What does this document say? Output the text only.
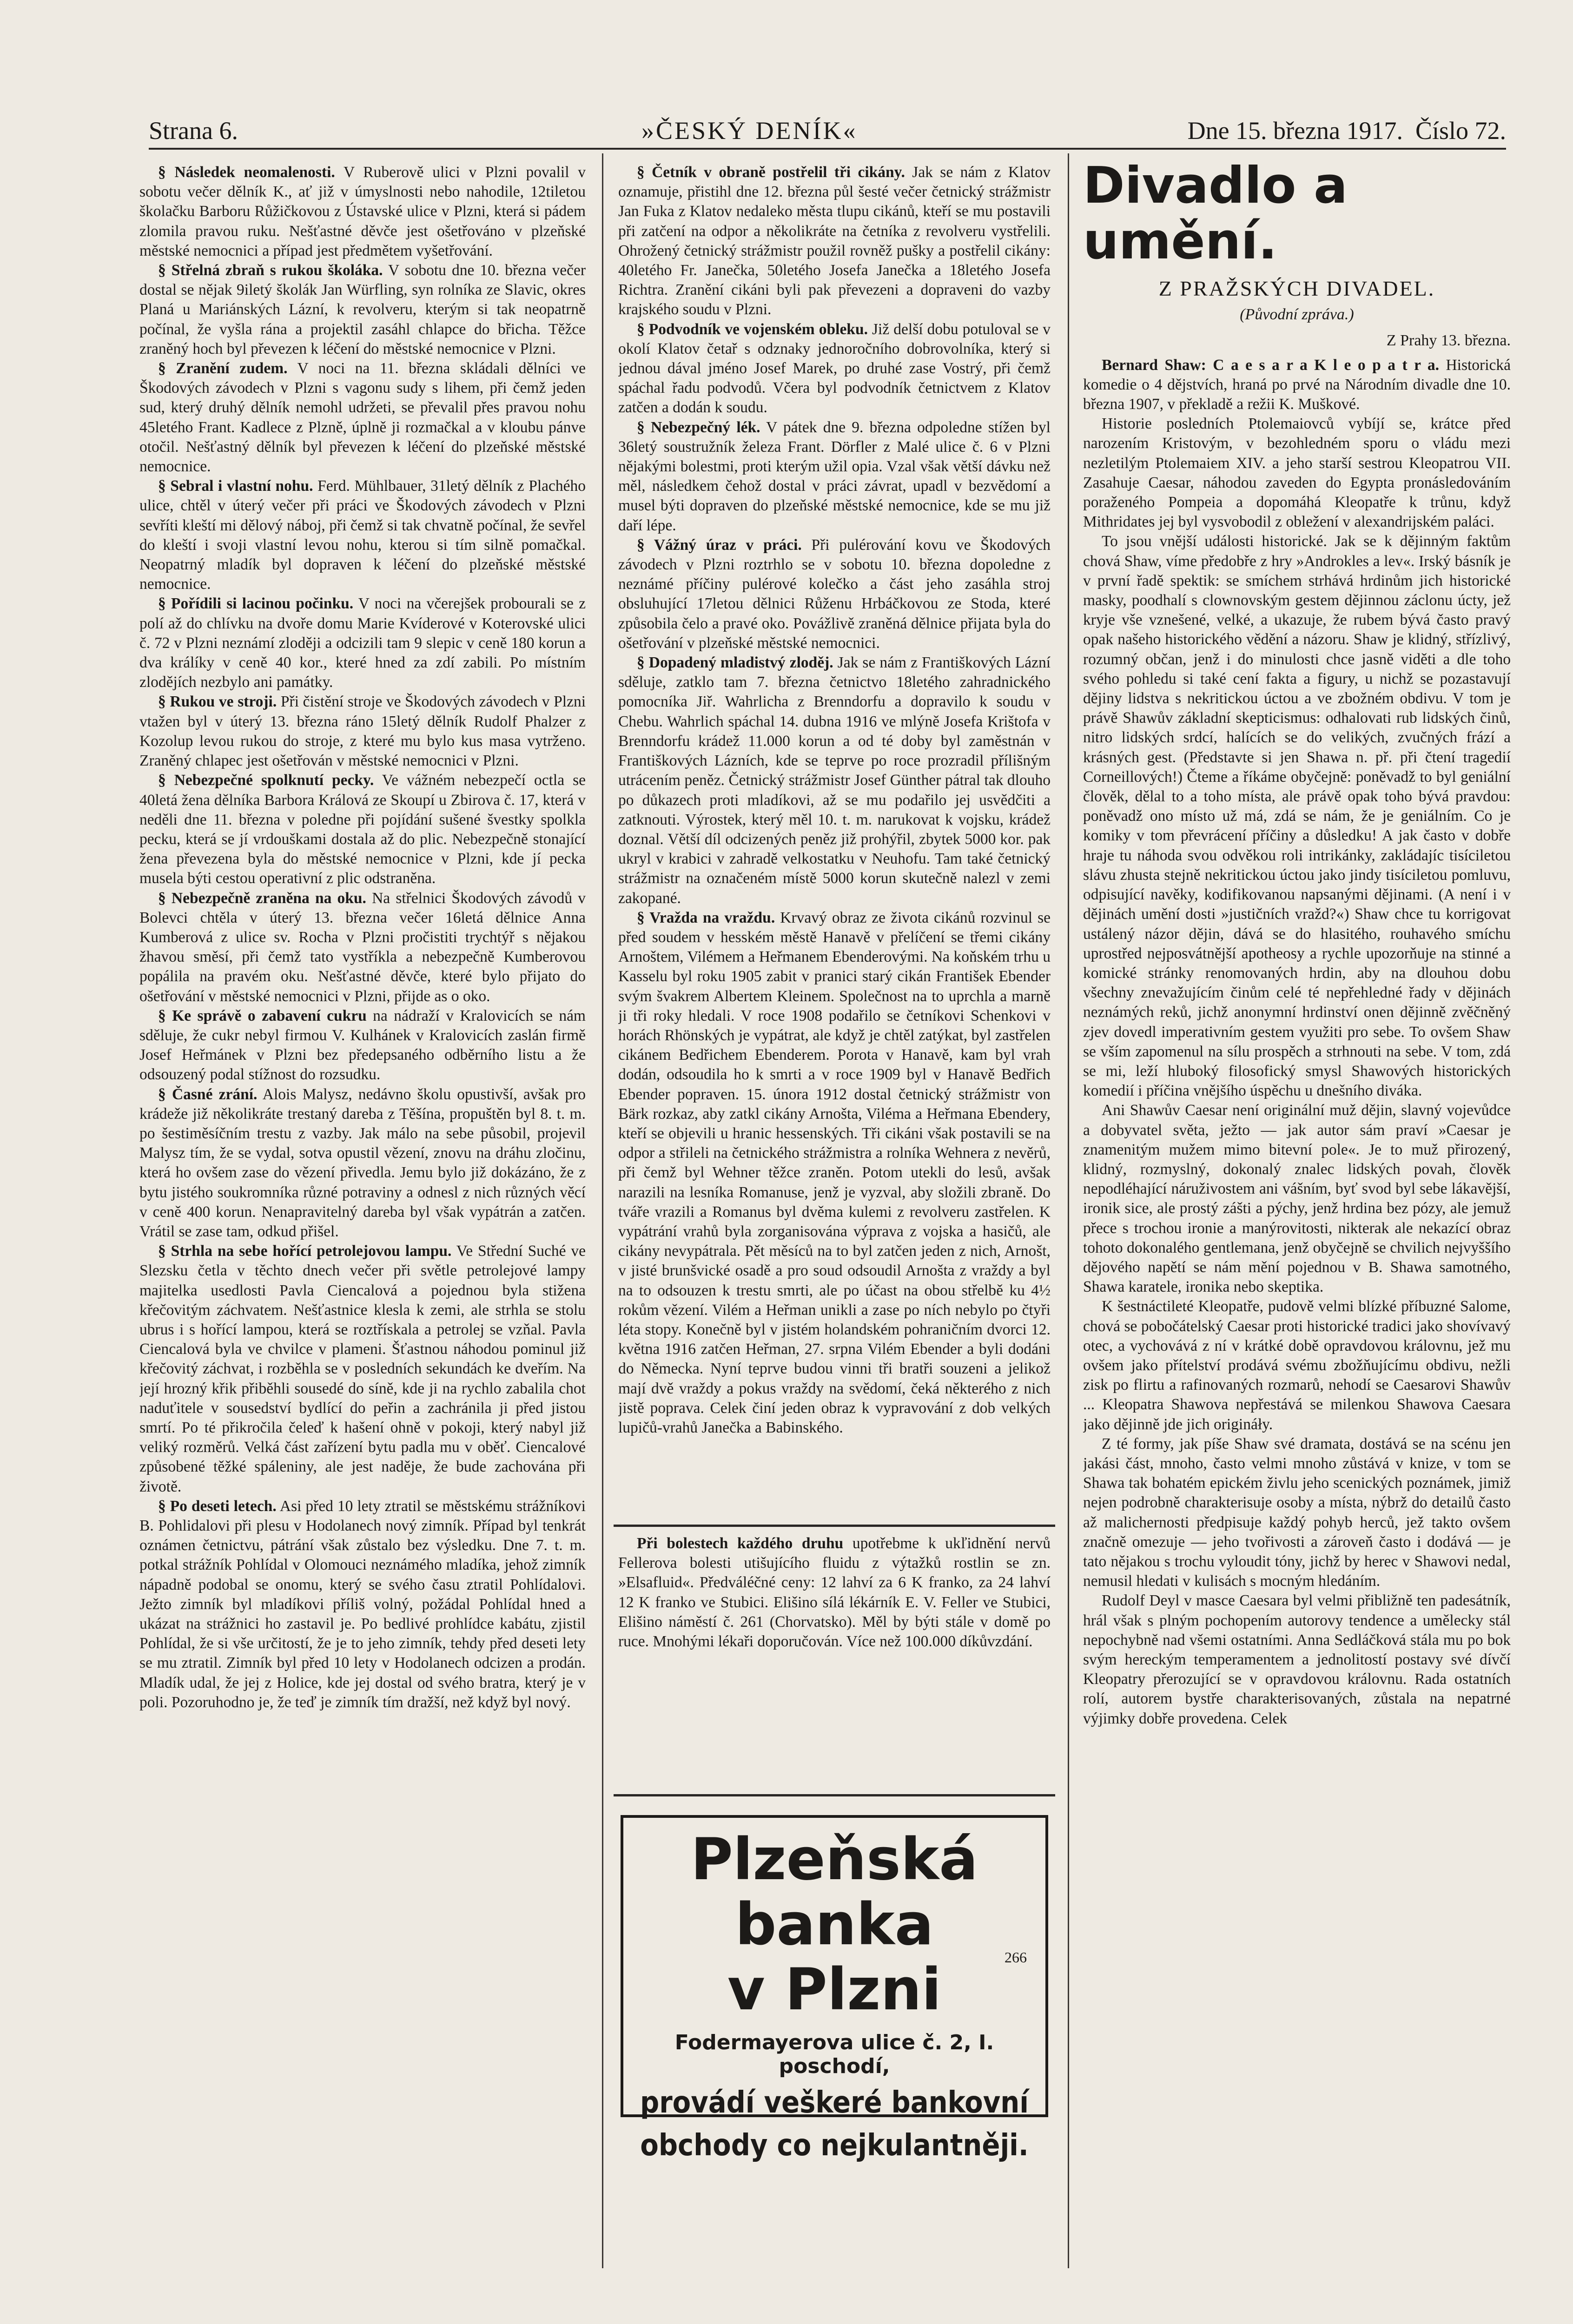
Strana 6.	»ČESKÝ DENÍK«	Dne 15. března 1917. Číslo 72.

§ Následek neomalenosti. V Ruberově ulici v Plzni povalil v sobotu večer dělník K., ať již v úmyslnosti nebo nahodile, 12tiletou školačku Barboru Růžičkovou z Ústavské ulice v Plzni, která si pádem zlomila pravou ruku. Nešťastné děvče jest ošetřováno v plzeňské městské nemocnici a případ jest předmětem vyšetřování.

§ Střelná zbraň s rukou školáka. V sobotu dne 10. března večer dostal se nějak 9iletý školák Jan Würfling, syn rolníka ze Slavic, okres Planá u Mariánských Lázní, k revolveru, kterým si tak neopatrně počínal, že vyšla rána a projektil zasáhl chlapce do břicha. Těžce zraněný hoch byl převezen k léčení do městské nemocnice v Plzni.

§ Zranění zudem. V noci na 11. března skládali dělníci ve Škodových závodech v Plzni s vagonu sudy s lihem, při čemž jeden sud, který druhý dělník nemohl udržeti, se převalil přes pravou nohu 45letého Frant. Kadlece z Plzně, úplně ji rozmačkal a v kloubu pánve otočil. Nešťastný dělník byl převezen k léčení do plzeňské městské nemocnice.

§ Sebral i vlastní nohu. Ferd. Mühlbauer, 31letý dělník z Plachého ulice, chtěl v úterý večer při práci ve Škodových závodech v Plzni sevříti kleští mi dělový náboj, při čemž si tak chvatně počínal, že sevřel do kleští i svoji vlastní levou nohu, kterou si tím silně pomačkal. Neopatrný mladík byl dopraven k léčení do plzeňské městské nemocnice.

§ Pořídili si lacinou počinku. V noci na včerejšek probourali se z polí až do chlívku na dvoře domu Marie Kvíderové v Koterovské ulici č. 72 v Plzni neznámí zloději a odcizili tam 9 slepic v ceně 180 korun a dva králíky v ceně 40 kor., které hned za zdí zabili. Po místním zlodějích nezbylo ani památky.

§ Rukou ve stroji. Při čistění stroje ve Škodových závodech v Plzni vtažen byl v úterý 13. března ráno 15letý dělník Rudolf Phalzer z Kozolup levou rukou do stroje, z které mu bylo kus masa vytrženo. Zraněný chlapec jest ošetřován v městské nemocnici v Plzni.

§ Nebezpečné spolknutí pecky. Ve vážném nebezpečí octla se 40letá žena dělníka Barbora Králová ze Skoupí u Zbirova č. 17, která v neděli dne 11. března v poledne při pojídání sušené švestky spolkla pecku, která se jí vrdouškami dostala až do plic. Nebezpečně stonající žena převezena byla do městské nemocnice v Plzni, kde jí pecka musela býti cestou operativní z plic odstraněna.

§ Nebezpečně zraněna na oku. Na střelnici Škodových závodů v Bolevci chtěla v úterý 13. března večer 16letá dělnice Anna Kumberová z ulice sv. Rocha v Plzni pročistiti trychtýř s nějakou žhavou směsí, při čemž tato vystříkla a nebezpečně Kumberovou popálila na pravém oku. Nešťastné děvče, které bylo přijato do ošetřování v městské nemocnici v Plzni, přijde as o oko.

§ Ke správě o zabavení cukru na nádraží v Kralovicích se nám sděluje, že cukr nebyl firmou V. Kulhánek v Kralovicích zaslán firmě Josef Heřmánek v Plzni bez předepsaného odběrního listu a že odsouzený podal stížnost do rozsudku.

§ Časné zrání. Alois Malysz, nedávno školu opustivší, avšak pro krádeže již několikráte trestaný dareba z Těšína, propuštěn byl 8. t. m. po šestiměsíčním trestu z vazby. Jak málo na sebe působil, projevil Malysz tím, že se vydal, sotva opustil vězení, znovu na dráhu zločinu, která ho ovšem zase do vězení přivedla. Jemu bylo již dokázáno, že z bytu jistého soukromníka různé potraviny a odnesl z nich různých věcí v ceně 400 korun. Nenapravitelný dareba byl však vypátrán a zatčen. Vrátil se zase tam, odkud přišel.

§ Strhla na sebe hořící petrolejovou lampu. Ve Střední Suché ve Slezsku četla v těchto dnech večer při světle petrolejové lampy majitelka usedlosti Pavla Ciencalová a pojednou byla stižena křečovitým záchvatem. Nešťastnice klesla k zemi, ale strhla se stolu ubrus i s hořící lampou, která se roztřískala a petrolej se vzňal. Pavla Ciencalová byla ve chvilce v plameni. Šťastnou náhodou pominul již křečovitý záchvat, i rozběhla se v posledních sekundách ke dveřím. Na její hrozný křik přiběhli sousedé do síně, kde ji na rychlo zabalila chot naduťitele v sousedství bydlící do peřin a zachránila ji před jistou smrtí. Po té přikročila čeleď k hašení ohně v pokoji, který nabyl již veliký rozměrů. Velká část zařízení bytu padla mu v oběť. Ciencalové způsobené těžké spáleniny, ale jest naděje, že bude zachována při životě.

§ Po deseti letech. Asi před 10 lety ztratil se městskému strážníkovi B. Pohlidalovi při plesu v Hodolanech nový zimník. Případ byl tenkrát oznámen četnictvu, pátrání však zůstalo bez výsledku. Dne 7. t. m. potkal strážník Pohlídal v Olomouci neznámého mladíka, jehož zimník nápadně podobal se onomu, který se svého času ztratil Pohlídalovi. Ježto zimník byl mladíkovi příliš volný, požádal Pohlídal hned a ukázat na strážnici ho zastavil je. Po bedlivé prohlídce kabátu, zjistil Pohlídal, že si vše určitostí, že je to jeho zimník, tehdy před deseti lety se mu ztratil. Zimník byl před 10 lety v Hodolanech odcizen a prodán. Mladík udal, že jej z Holice, kde jej dostal od svého bratra, který je v poli. Pozoruhodno je, že teď je zimník tím dražší, než když byl nový.

§ Četník v obraně postřelil tři cikány. Jak se nám z Klatov oznamuje, přistihl dne 12. března půl šesté večer četnický strážmistr Jan Fuka z Klatov nedaleko města tlupu cikánů, kteří se mu postavili při zatčení na odpor a několikráte na četníka z revolveru vystřelili. Ohrožený četnický strážmistr použil rovněž pušky a postřelil cikány: 40letého Fr. Janečka, 50letého Josefa Janečka a 18letého Josefa Richtra. Zranění cikáni byli pak převezeni a dopraveni do vazby krajského soudu v Plzni.

§ Podvodník ve vojenském obleku. Již delší dobu potuloval se v okolí Klatov četař s odznaky jednoročního dobrovolníka, který si jednou dával jméno Josef Marek, po druhé zase Vostrý, při čemž spáchal řadu podvodů. Včera byl podvodník četnictvem z Klatov zatčen a dodán k soudu.

§ Nebezpečný lék. V pátek dne 9. března odpoledne stížen byl 36letý soustružník železa Frant. Dörfler z Malé ulice č. 6 v Plzni nějakými bolestmi, proti kterým užil opia. Vzal však větší dávku než měl, následkem čehož dostal v práci závrat, upadl v bezvědomí a musel býti dopraven do plzeňské městské nemocnice, kde se mu již daří lépe.

§ Vážný úraz v práci. Při pulérování kovu ve Škodových závodech v Plzni roztrhlo se v sobotu 10. března dopoledne z neznámé příčiny pulérové kolečko a část jeho zasáhla stroj obsluhující 17letou dělnici Růženu Hrbáčkovou ze Stoda, které způsobila čelo a pravé oko. Povážlivě zraněná dělnice přijata byla do ošetřování v plzeňské městské nemocnici.

§ Dopadený mladistvý zloděj. Jak se nám z Františkových Lázní sděluje, zatklo tam 7. března četnictvo 18letého zahradnického pomocníka Jiř. Wahrlicha z Brenndorfu a dopravilo k soudu v Chebu. Wahrlich spáchal 14. dubna 1916 ve mlýně Josefa Krištofa v Brenndorfu krádež 11.000 korun a od té doby byl zaměstnán v Františkových Lázních, kde se teprve po roce prozradil přílišným utrácením peněz. Četnický strážmistr Josef Günther pátral tak dlouho po důkazech proti mladíkovi, až se mu podařilo jej usvědčiti a zatknouti. Výrostek, který měl 10. t. m. narukovat k vojsku, krádež doznal. Větší díl odcizených peněz již prohýřil, zbytek 5000 kor. pak ukryl v krabici v zahradě velkostatku v Neuhofu. Tam také četnický strážmistr na označeném místě 5000 korun skutečně nalezl v zemi zakopané.

§ Vražda na vraždu. Krvavý obraz ze života cikánů rozvinul se před soudem v hesském městě Hanavě v přelíčení se třemi cikány Arnoštem, Vilémem a Heřmanem Ebenderovými. Na koňském trhu u Kasselu byl roku 1905 zabit v pranici starý cikán František Ebender svým švakrem Albertem Kleinem. Společnost na to uprchla a marně ji tři roky hledali. V roce 1908 podařilo se četníkovi Schenkovi v horách Rhönských je vypátrat, ale když je chtěl zatýkat, byl zastřelen cikánem Bedřichem Ebenderem. Porota v Hanavě, kam byl vrah dodán, odsoudila ho k smrti a v roce 1909 byl v Hanavě Bedřich Ebender popraven. 15. února 1912 dostal četnický strážmistr von Bärk rozkaz, aby zatkl cikány Arnošta, Viléma a Heřmana Ebendery, kteří se objevili u hranic hessenských. Tři cikáni však postavili se na odpor a střileli na četnického strážmistra a rolníka Wehnera z nevěrů, při čemž byl Wehner těžce zraněn. Potom utekli do lesů, avšak narazili na lesníka Romanuse, jenž je vyzval, aby složili zbraně. Do tváře vrazili a Romanus byl dvěma kulemi z revolveru zastřelen. K vypátrání vrahů byla zorganisována výprava z vojska a hasičů, ale cikány nevypátrala. Pět měsíců na to byl zatčen jeden z nich, Arnošt, v jisté brunšvické osadě a pro soud odsoudil Arnošta z vraždy a byl na to odsouzen k trestu smrti, ale po účast na obou střelbě ku 4½ rokům vězení. Vilém a Heřman unikli a zase po ních nebylo po čtyři léta stopy. Konečně byl v jistém holandském pohraničním dvorci 12. května 1916 zatčen Heřman, 27. srpna Vilém Ebender a byli dodáni do Německa. Nyní teprve budou vinni tři bratři souzeni a jelikož mají dvě vraždy a pokus vraždy na svědomí, čeká některého z nich jistě poprava. Celek činí jeden obraz k vypravování z dob velkých lupičů-vrahů Janečka a Babinského.

Při bolestech každého druhu upotřebme k ukľidnění nervů Fellerova bolesti utišujícího fluidu z výtažků rostlin se zn. »Elsafluid«. Předváléčné ceny: 12 lahví za 6 K franko, za 24 lahví 12 K franko ve Stubici. Elišino sílá lékárník E. V. Feller ve Stubici, Elišino náměstí č. 261 (Chorvatsko). Měl by býti stále v domě po ruce. Mnohými lékaři doporučován. Více než 100.000 díkůvzdání.

Plzeňská banka
v Plzni	266
Fodermayerova ulice č. 2, I. poschodí,
provádí veškeré bankovní
obchody co nejkulantněji.
Divadlo a umění.
Z PRAŽSKÝCH DIVADEL.
(Původní zpráva.)
Z Prahy 13. března.

Bernard Shaw: C a e s a r a K l e o p a t r a. Historická komedie o 4 dějstvích, hraná po prvé na Národním divadle dne 10. března 1907, v překladě a režii K. Muškové.

Historie posledních Ptolemaiovců vybíjí se, krátce před narozením Kristovým, v bezohledném sporu o vládu mezi nezletilým Ptolemaiem XIV. a jeho starší sestrou Kleopatrou VII. Zasahuje Caesar, náhodou zaveden do Egypta pronásledováním poraženého Pompeia a dopomáhá Kleopatře k trůnu, když Mithridates jej byl vysvobodil z obležení v alexandrijském paláci.

To jsou vnější události historické. Jak se k dějinným faktům chová Shaw, víme předobře z hry »Androkles a lev«. Irský básník je v první řadě spektik: se smíchem strhává hrdinům jich historické masky, poodhalí s clownovským gestem dějinnou záclonu úcty, jež kryje vše vznešené, velké, a ukazuje, že rubem bývá často pravý opak našeho historického vědění a názoru. Shaw je klidný, střízlivý, rozumný občan, jenž i do minulosti chce jasně viděti a dle toho svého pohledu si také cení fakta a figury, u nichž se pozastavují dějiny lidstva s nekritickou úctou a ve zbožném obdivu. V tom je právě Shawův základní skepticismus: odhalovati rub lidských činů, nitro lidských srdcí, halících se do velikých, zvučných frází a krásných gest. (Představte si jen Shawa n. př. při čtení tragedií Corneillových!) Čteme a říkáme obyčejně: poněvadž to byl geniální člověk, dělal to a toho místa, ale právě opak toho bývá pravdou: poněvadž ono místo už má, zdá se nám, že je geniálním. Co je komiky v tom převrácení příčiny a důsledku! A jak často v dobře hraje tu náhoda svou odvěkou roli intrikánky, zakládajíc tisíciletou slávu zhusta stejně nekritickou úctou jako jindy tisíciletou pomluvu, odpisující navěky, kodifikovanou napsanými dějinami. (A není i v dějinách umění dosti »justičních vražd?«) Shaw chce tu korrigovat ustálený názor dějin, dává se do hlasitého, rouhavého smíchu uprostřed nejposvátnější apotheosy a rychle upozorňuje na stinné a komické stránky renomovaných hrdin, aby na dlouhou dobu všechny znevažujícím činům celé té nepřehledné řady v dějinách neznámých reků, jichž anonymní hrdinství onen dějinně zvěčněný zjev dovedl imperativním gestem využiti pro sebe. To ovšem Shaw se vším zapomenul na sílu prospěch a strhnouti na sebe. V tom, zdá se mi, leží hluboký filosofický smysl Shawových historických komedií i příčina vnějšího úspěchu u dnešního diváka.

Ani Shawův Caesar není originální muž dějin, slavný vojevůdce a dobyvatel světa, ježto — jak autor sám praví »Caesar je znamenitým mužem mimo bitevní pole«. Je to muž přirozený, klidný, rozmyslný, dokonalý znalec lidských povah, člověk nepodléhající náruživostem ani vášním, byť svod byl sebe lákavější, ironik sice, ale prostý zášti a pýchy, jenž hrdina bez pózy, ale jemuž přece s trochou ironie a manýrovitosti, nikterak ale nekazící obraz tohoto dokonalého gentlemana, jenž obyčejně se chvilich nejvyššího dějového napětí se nám mění pojednou v B. Shawa samotného, Shawa karatele, ironika nebo skeptika.

K šestnáctileté Kleopatře, pudově velmi blízké příbuzné Salome, chová se pobočátelský Caesar proti historické tradici jako shovívavý otec, a vychovává z ní v krátké době opravdovou královnu, jež mu ovšem jako přítelství prodává svému zbožňujícímu obdivu, nežli zisk po flirtu a rafinovaných rozmarů, nehodí se Caesarovi Shawův ... Kleopatra Shawova nepřestává se milenkou Shawova Caesara jako dějinně jde jich origináły.

Z té formy, jak píše Shaw své dramata, dostává se na scénu jen jakási část, mnoho, často velmi mnoho zůstává v knize, v tom se Shawa tak bohatém epickém živlu jeho scenických poznámek, jimiž nejen podrobně charakterisuje osoby a místa, nýbrž do detailů často až malichernosti předpisuje každý pohyb herců, jež takto ovšem značně omezuje — jeho tvořivosti a zároveň často i dodává — je tato nějakou s trochu vyloudit tóny, jichž by herec v Shawovi nedal, nemusil hledati v kulisách s mocným hledáním.

Rudolf Deyl v masce Caesara byl velmi přibližně ten padesátník, hrál však s plným pochopením autorovy tendence a umělecky stál nepochybně nad všemi ostatními. Anna Sedláčková stála mu po bok svým hereckým temperamentem a jednolitostí postavy své dívčí Kleopatry přerozující se v opravdovou královnu. Rada ostatních rolí, autorem bystře charakterisovaných, zůstala na nepatrné výjimky dobře provedena. Celek
